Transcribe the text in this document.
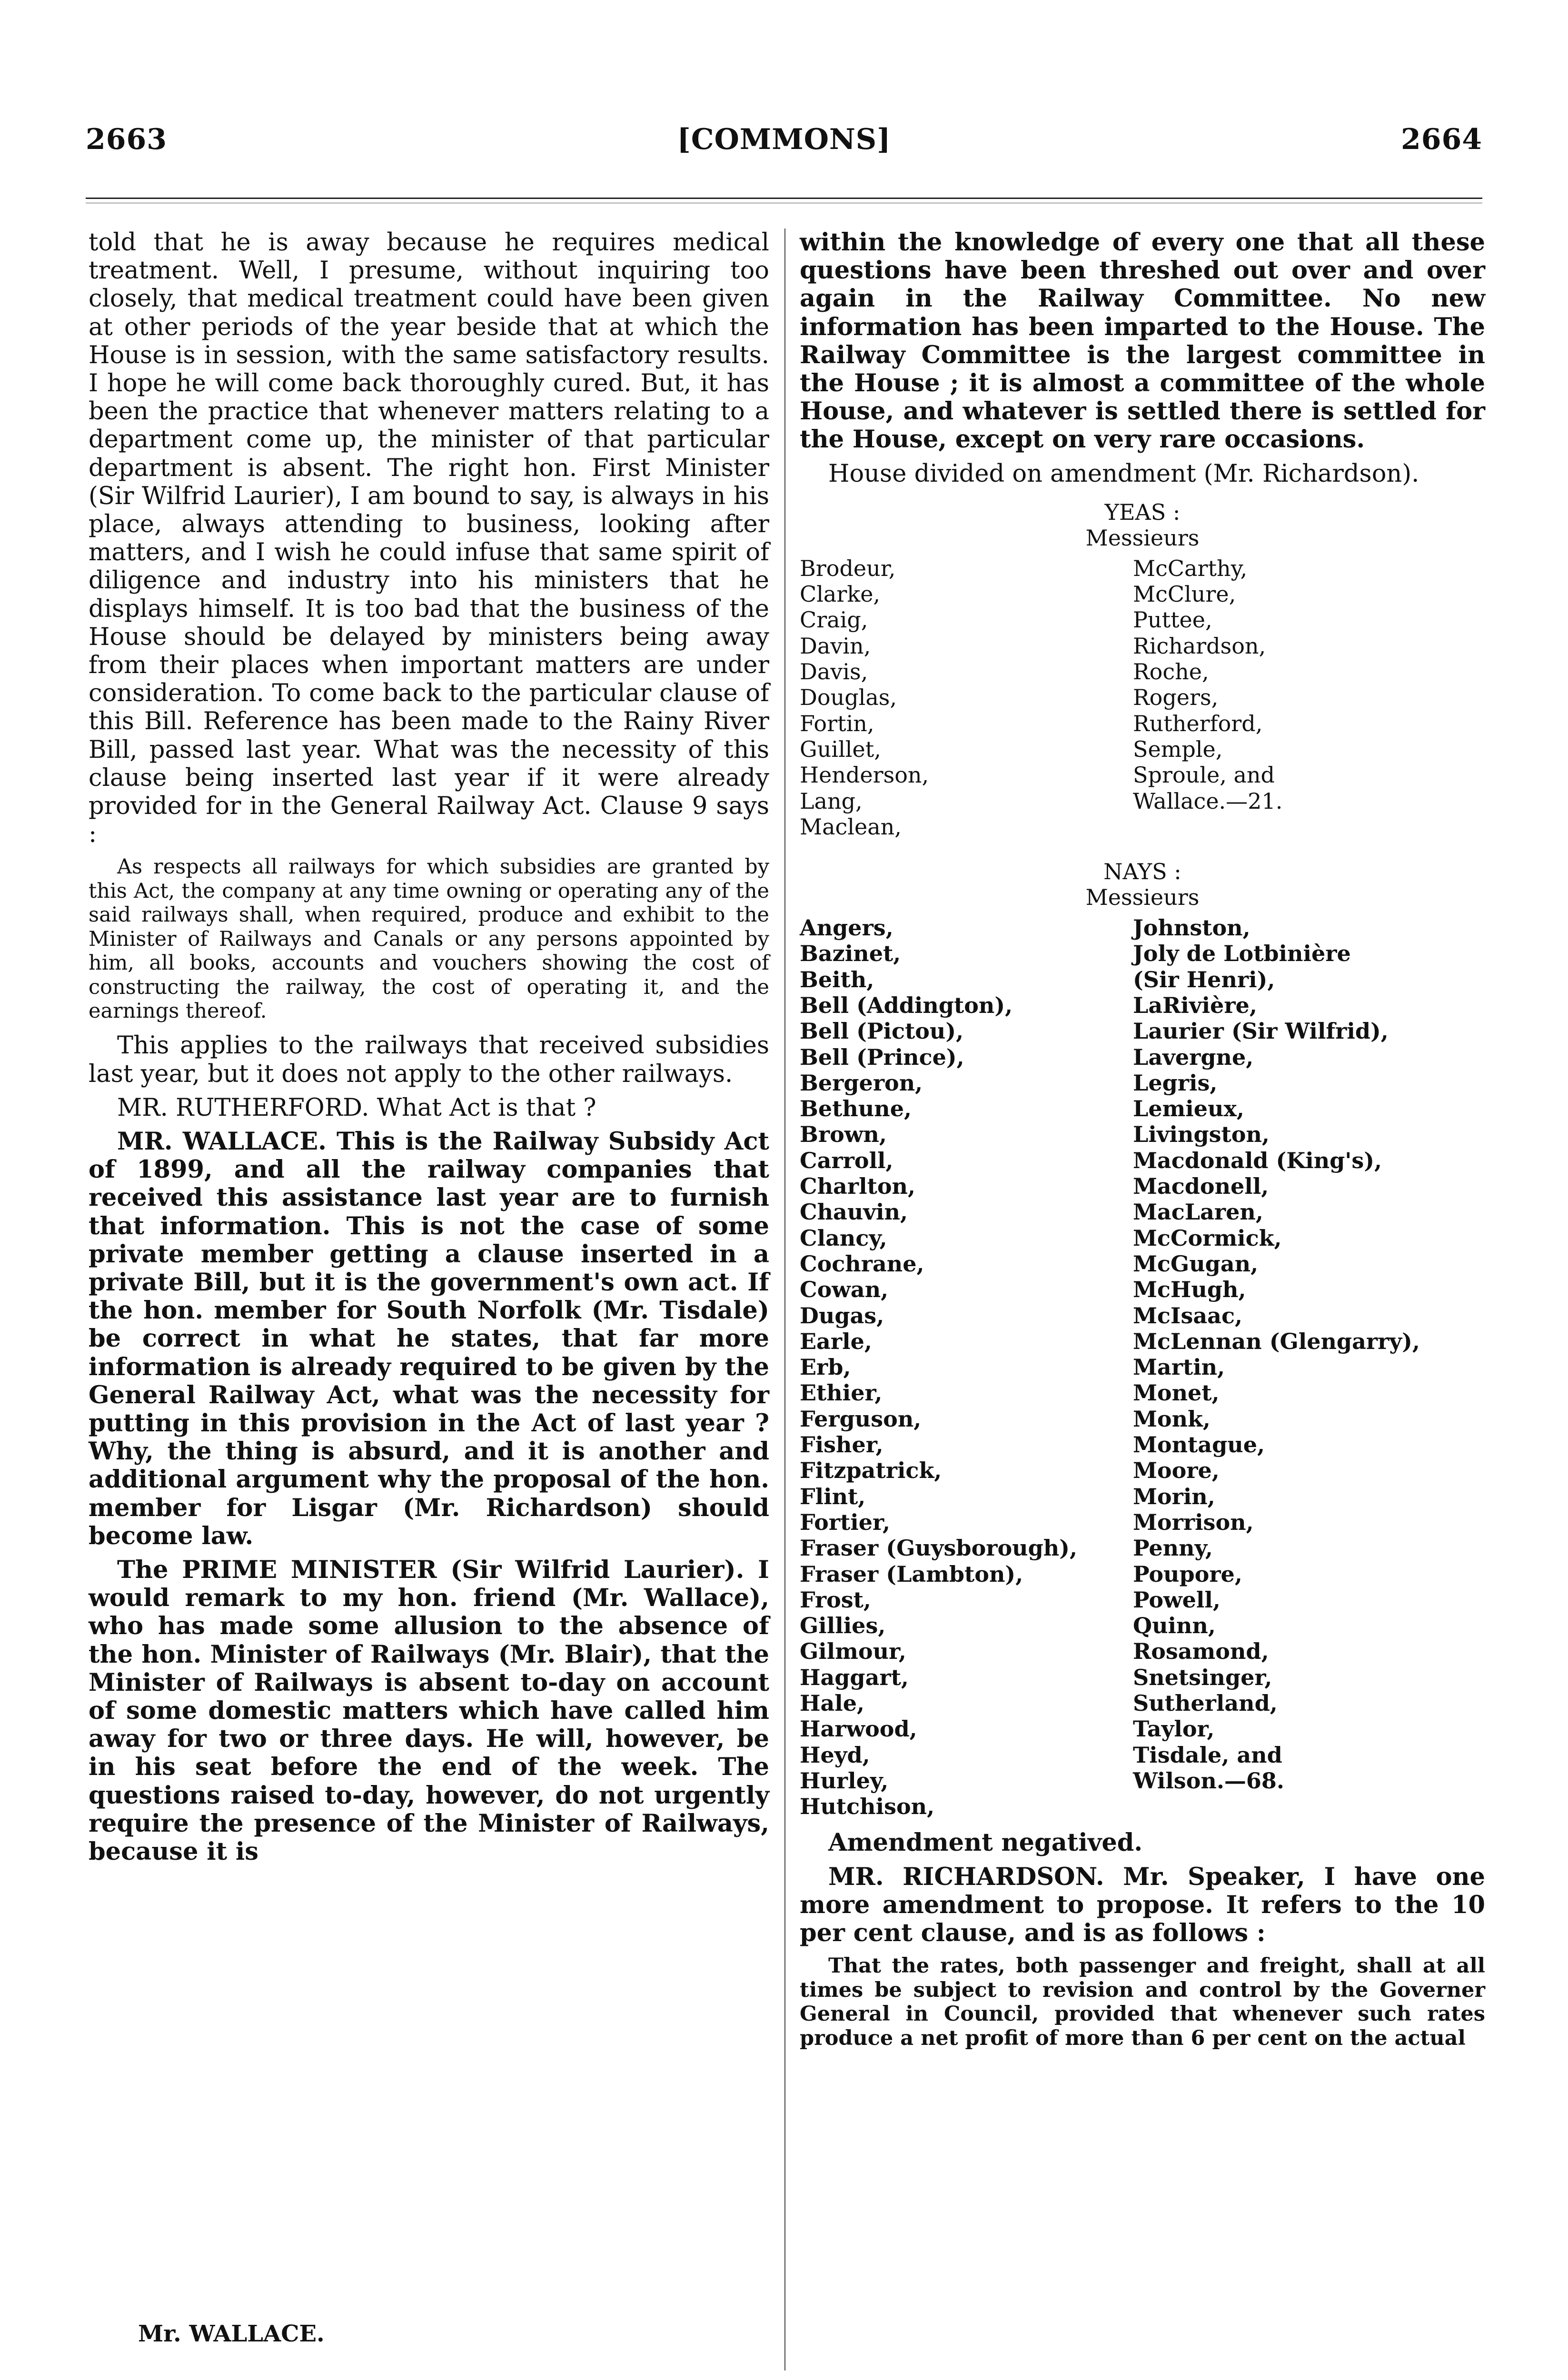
2663	[COMMONS]	2664

told that he is away because he requires medical treatment. Well, I presume, without inquiring too closely, that medical treatment could have been given at other periods of the year beside that at which the House is in session, with the same satisfactory results. I hope he will come back thoroughly cured. But, it has been the practice that whenever matters relating to a department come up, the minister of that particular department is absent. The right hon. First Minister (Sir Wilfrid Laurier), I am bound to say, is always in his place, always attending to business, looking after matters, and I wish he could infuse that same spirit of diligence and industry into his ministers that he displays himself. It is too bad that the business of the House should be delayed by ministers being away from their places when important matters are under consideration. To come back to the particular clause of this Bill. Reference has been made to the Rainy River Bill, passed last year. What was the necessity of this clause being inserted last year if it were already provided for in the General Railway Act. Clause 9 says :

As respects all railways for which subsidies are granted by this Act, the company at any time owning or operating any of the said railways shall, when required, produce and exhibit to the Minister of Railways and Canals or any persons appointed by him, all books, accounts and vouchers showing the cost of constructing the railway, the cost of operating it, and the earnings thereof.

This applies to the railways that received subsidies last year, but it does not apply to the other railways.

MR. RUTHERFORD. What Act is that ?

MR. WALLACE. This is the Railway Subsidy Act of 1899, and all the railway companies that received this assistance last year are to furnish that information. This is not the case of some private member getting a clause inserted in a private Bill, but it is the government's own act. If the hon. member for South Norfolk (Mr. Tisdale) be correct in what he states, that far more information is already required to be given by the General Railway Act, what was the necessity for putting in this provision in the Act of last year ? Why, the thing is absurd, and it is another and additional argument why the proposal of the hon. member for Lisgar (Mr. Richardson) should become law.

The PRIME MINISTER (Sir Wilfrid Laurier). I would remark to my hon. friend (Mr. Wallace), who has made some allusion to the absence of the hon. Minister of Railways (Mr. Blair), that the Minister of Railways is absent to-day on account of some domestic matters which have called him away for two or three days. He will, however, be in his seat before the end of the week. The questions raised to-day, however, do not urgently require the presence of the Minister of Railways, because it is

within the knowledge of every one that all these questions have been threshed out over and over again in the Railway Committee. No new information has been imparted to the House. The Railway Committee is the largest committee in the House ; it is almost a committee of the whole House, and whatever is settled there is settled for the House, except on very rare occasions.

House divided on amendment (Mr. Richardson).

YEAS :
Messieurs
Brodeur,
Clarke,
Craig,
Davin,
Davis,
Douglas,
Fortin,
Guillet,
Henderson,
Lang,
Maclean,
McCarthy,
McClure,
Puttee,
Richardson,
Roche,
Rogers,
Rutherford,
Semple,
Sproule, and
Wallace.—21.
NAYS :
Messieurs
Angers,
Bazinet,
Beith,
Bell (Addington),
Bell (Pictou),
Bell (Prince),
Bergeron,
Bethune,
Brown,
Carroll,
Charlton,
Chauvin,
Clancy,
Cochrane,
Cowan,
Dugas,
Earle,
Erb,
Ethier,
Ferguson,
Fisher,
Fitzpatrick,
Flint,
Fortier,
Fraser (Guysborough),
Fraser (Lambton),
Frost,
Gillies,
Gilmour,
Haggart,
Hale,
Harwood,
Heyd,
Hurley,
Hutchison,
Johnston,
Joly de Lotbinière
(Sir Henri),
LaRivière,
Laurier (Sir Wilfrid),
Lavergne,
Legris,
Lemieux,
Livingston,
Macdonald (King's),
Macdonell,
MacLaren,
McCormick,
McGugan,
McHugh,
McIsaac,
McLennan (Glengarry),
Martin,
Monet,
Monk,
Montague,
Moore,
Morin,
Morrison,
Penny,
Poupore,
Powell,
Quinn,
Rosamond,
Snetsinger,
Sutherland,
Taylor,
Tisdale, and
Wilson.—68.

Amendment negatived.

MR. RICHARDSON. Mr. Speaker, I have one more amendment to propose. It refers to the 10 per cent clause, and is as follows :

That the rates, both passenger and freight, shall at all times be subject to revision and control by the Governer General in Council, provided that whenever such rates produce a net profit of more than 6 per cent on the actual

Mr. WALLACE.
